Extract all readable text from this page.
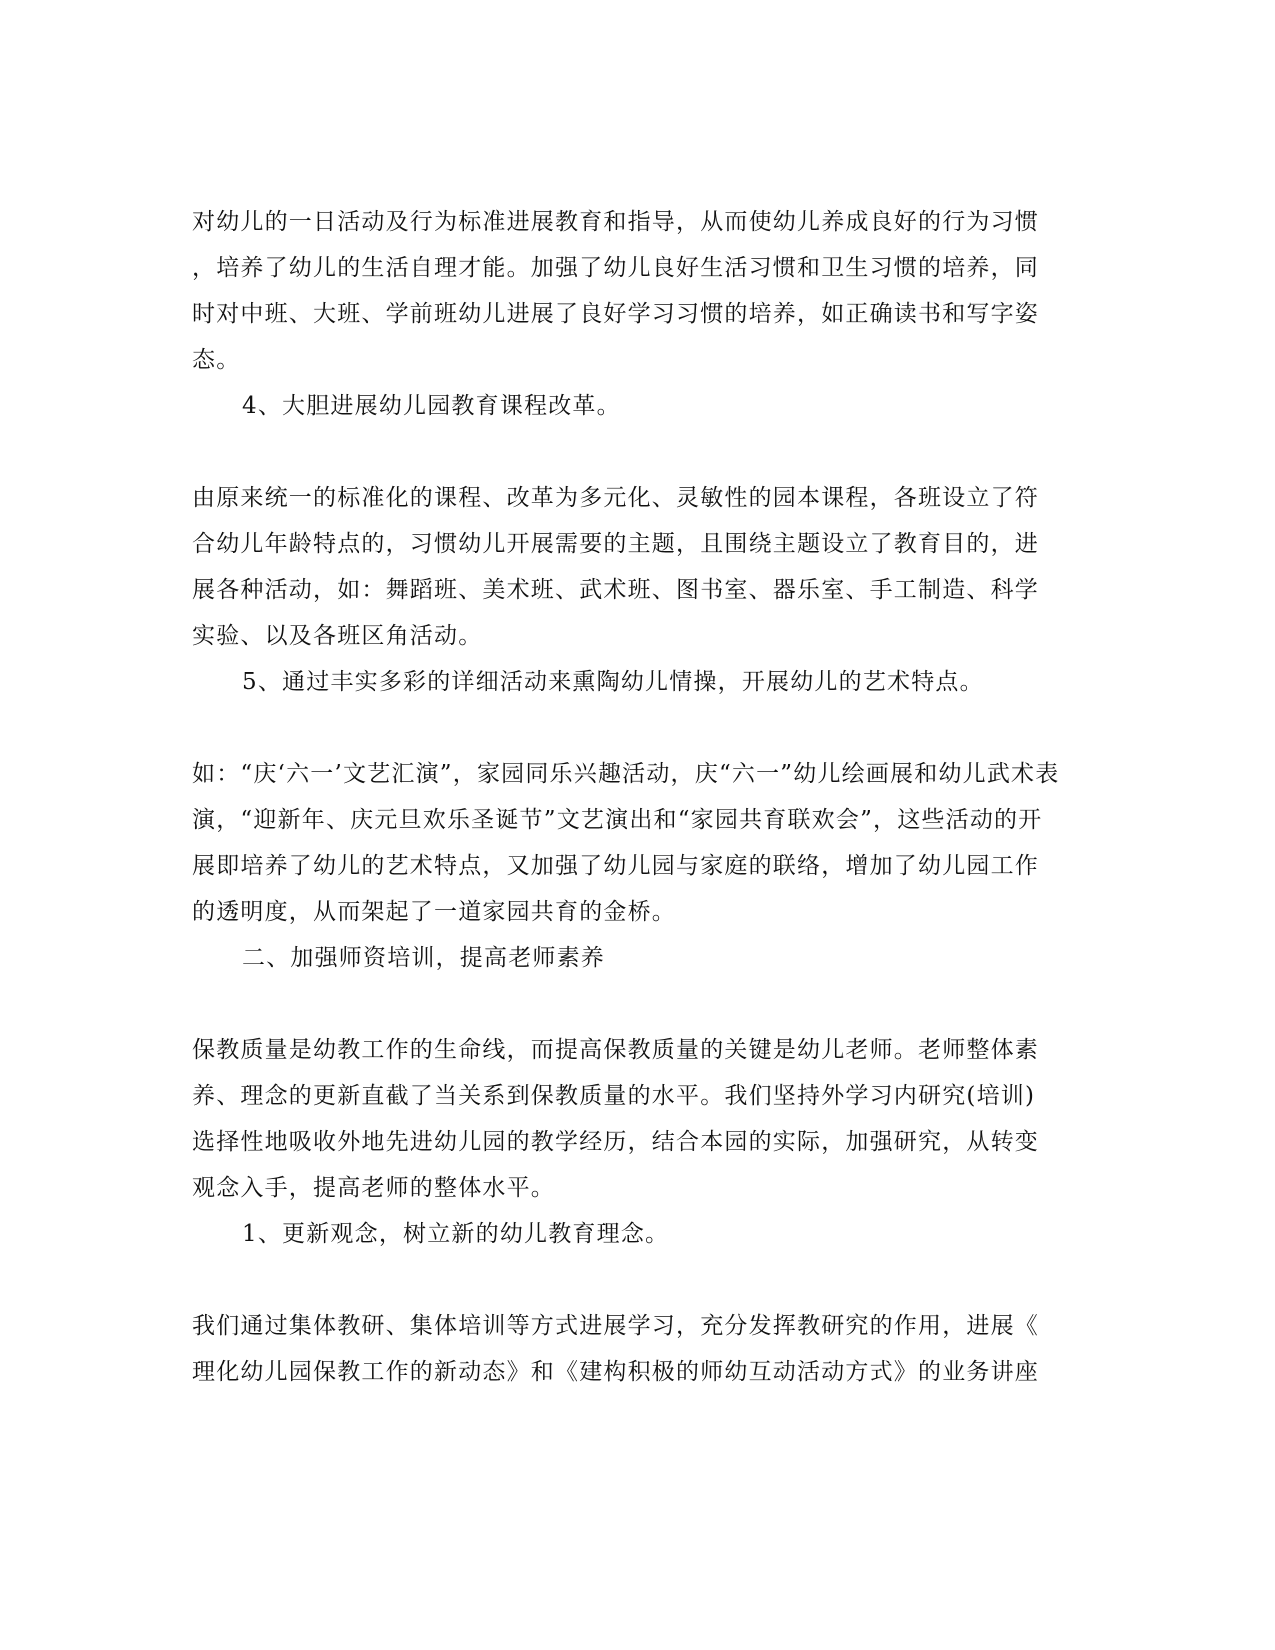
对幼儿的一日活动及行为标准进展教育和指导，从而使幼儿养成良好的行为习惯
，培养了幼儿的生活自理才能。加强了幼儿良好生活习惯和卫生习惯的培养，同
时对中班、大班、学前班幼儿进展了良好学习习惯的培养，如正确读书和写字姿
态。
4、大胆进展幼儿园教育课程改革。
由原来统一的标准化的课程、改革为多元化、灵敏性的园本课程，各班设立了符
合幼儿年龄特点的，习惯幼儿开展需要的主题，且围绕主题设立了教育目的，进
展各种活动，如：舞蹈班、美术班、武术班、图书室、器乐室、手工制造、科学
实验、以及各班区角活动。
5、通过丰实多彩的详细活动来熏陶幼儿情操，开展幼儿的艺术特点。
如：“庆‘六一’文艺汇演”，家园同乐兴趣活动，庆“六一”幼儿绘画展和幼儿武术表
演，“迎新年、庆元旦欢乐圣诞节”文艺演出和“家园共育联欢会”，这些活动的开
展即培养了幼儿的艺术特点，又加强了幼儿园与家庭的联络，增加了幼儿园工作
的透明度，从而架起了一道家园共育的金桥。
二、加强师资培训，提高老师素养
保教质量是幼教工作的生命线，而提高保教质量的关键是幼儿老师。老师整体素
养、理念的更新直截了当关系到保教质量的水平。我们坚持外学习内研究(培训)
选择性地吸收外地先进幼儿园的教学经历，结合本园的实际，加强研究，从转变
观念入手，提高老师的整体水平。
1、更新观念，树立新的幼儿教育理念。
我们通过集体教研、集体培训等方式进展学习，充分发挥教研究的作用，进展《
理化幼儿园保教工作的新动态》和《建构积极的师幼互动活动方式》的业务讲座
